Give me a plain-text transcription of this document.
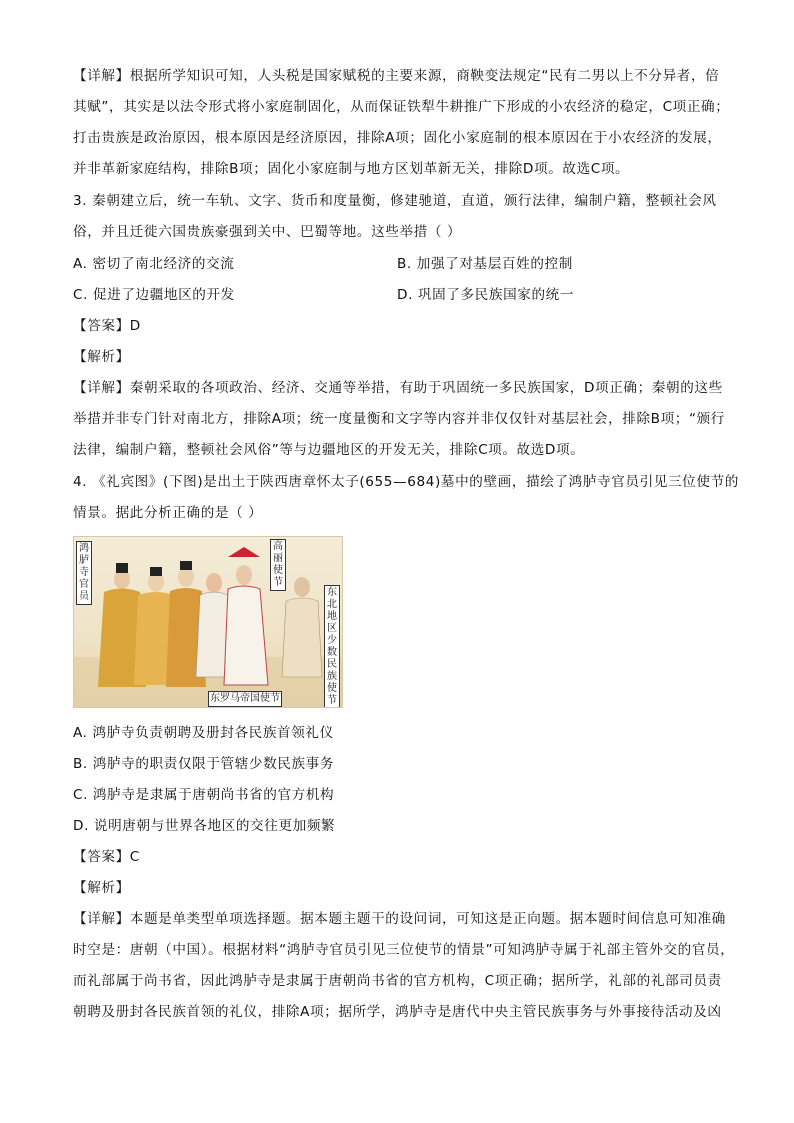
【详解】根据所学知识可知，人头税是国家赋税的主要来源，商鞅变法规定“民有二男以上不分异者，倍
其赋”，其实是以法令形式将小家庭制固化，从而保证铁犁牛耕推广下形成的小农经济的稳定，C项正确；
打击贵族是政治原因，根本原因是经济原因，排除A项；固化小家庭制的根本原因在于小农经济的发展，
并非革新家庭结构，排除B项；固化小家庭制与地方区划革新无关，排除D项。故选C项。
3. 秦朝建立后，统一车轨、文字、货币和度量衡，修建驰道，直道，颁行法律，编制户籍，整顿社会风
俗，并且迁徙六国贵族豪强到关中、巴蜀等地。这些举措（ ）
A. 密切了南北经济的交流	B. 加强了对基层百姓的控制
C. 促进了边疆地区的开发	D. 巩固了多民族国家的统一
【答案】D
【解析】
【详解】秦朝采取的各项政治、经济、交通等举措，有助于巩固统一多民族国家，D项正确；秦朝的这些
举措并非专门针对南北方，排除A项；统一度量衡和文字等内容并非仅仅针对基层社会，排除B项；“颁行
法律，编制户籍，整顿社会风俗”等与边疆地区的开发无关，排除C项。故选D项。
4. 《礼宾图》(下图)是出土于陕西唐章怀太子(655—684)墓中的壁画，描绘了鸿胪寺官员引见三位使节的
情景。据此分析正确的是（ ）
鸿胪寺官员
高丽使节
东北地区少数民族使节
东罗马帝国使节
A. 鸿胪寺负责朝聘及册封各民族首领礼仪
B. 鸿胪寺的职责仅限于管辖少数民族事务
C. 鸿胪寺是隶属于唐朝尚书省的官方机构
D. 说明唐朝与世界各地区的交往更加频繁
【答案】C
【解析】
【详解】本题是单类型单项选择题。据本题主题干的设问词，可知这是正向题。据本题时间信息可知准确
时空是：唐朝（中国）。根据材料“鸿胪寺官员引见三位使节的情景”可知鸿胪寺属于礼部主管外交的官员，
而礼部属于尚书省，因此鸿胪寺是隶属于唐朝尚书省的官方机构，C项正确；据所学，礼部的礼部司员责
朝聘及册封各民族首领的礼仪，排除A项；据所学，鸿胪寺是唐代中央主管民族事务与外事接待活动及凶
